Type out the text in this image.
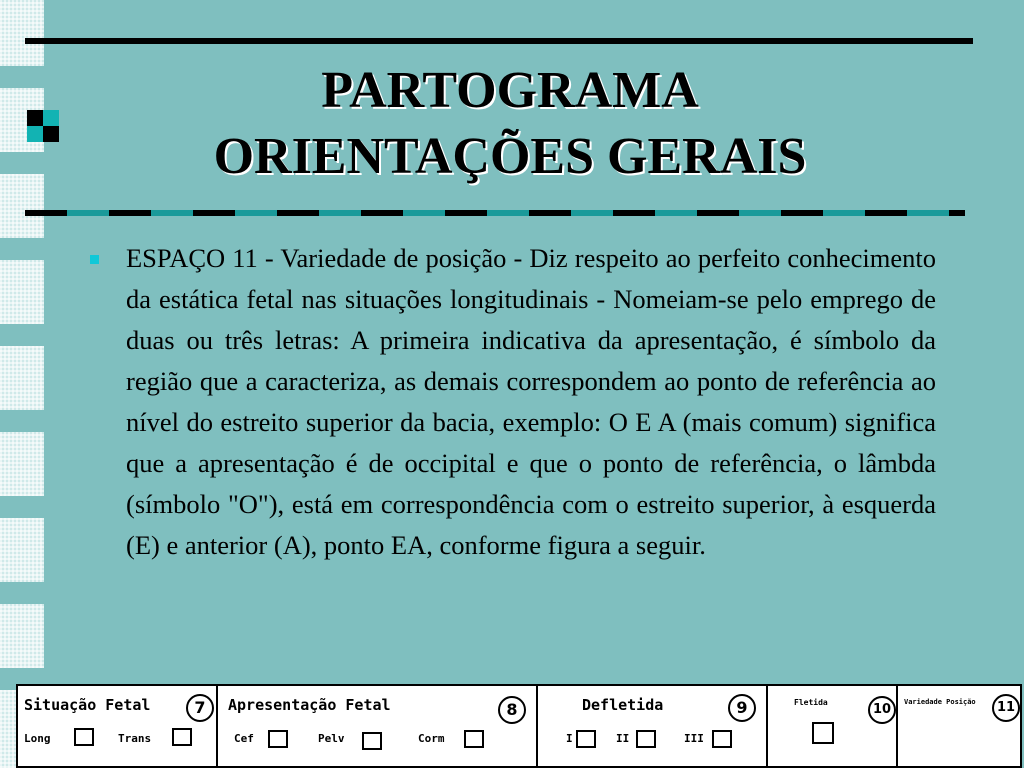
PARTOGRAMA
ORIENTAÇÕES GERAIS
ESPAÇO 11 - Variedade de posição - Diz respeito ao perfeito conhecimento da estática fetal nas situações longitudinais - Nomeiam-se pelo emprego de duas ou três letras: A primeira indicativa da apresentação, é símbolo da região que a caracteriza, as demais correspondem ao ponto de referência ao nível do estreito superior da bacia, exemplo: O E A (mais comum) significa que a apresentação é de occipital e que o ponto de referência, o lâmbda (símbolo "O"), está em correspondência com o estreito superior, à esquerda (E) e anterior (A), ponto EA, conforme figura a seguir.
Situação Fetal	7
Long	Trans
Apresentação Fetal	8
Cef	Pelv	Corm
Defletida	9
I	II	III
Fletida	10	Variedade Posição	11
